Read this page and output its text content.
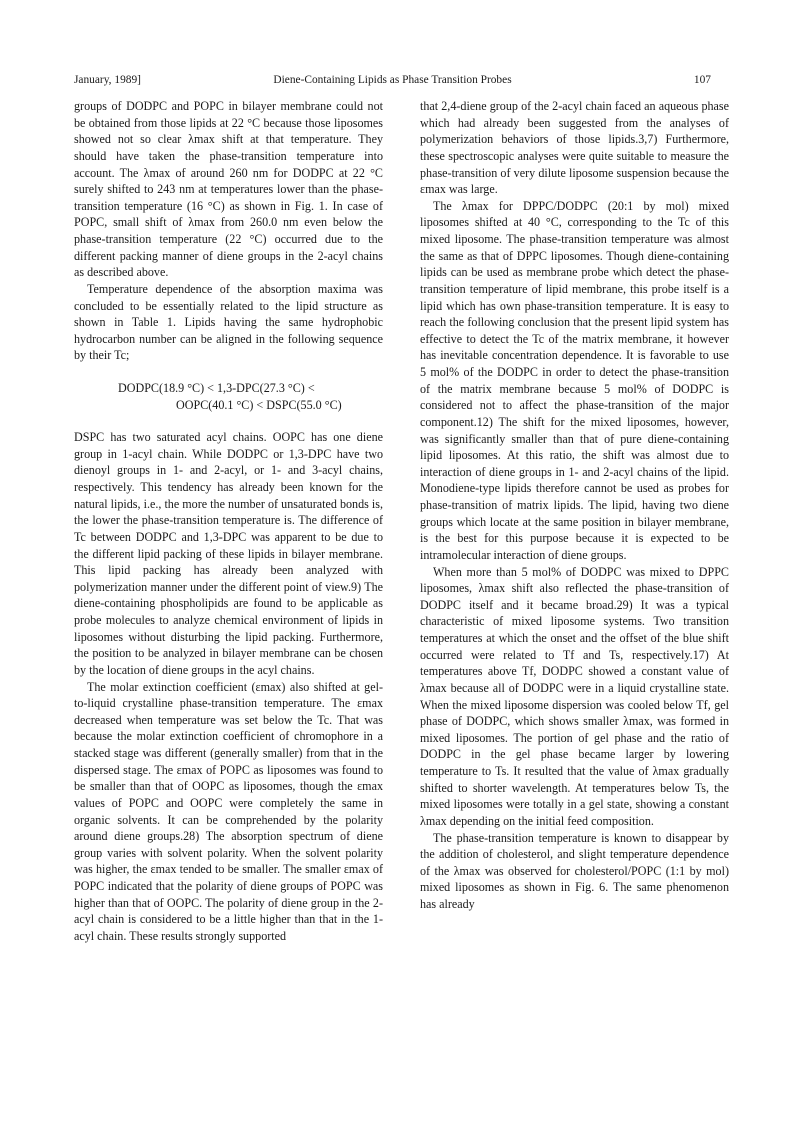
January, 1989]	Diene-Containing Lipids as Phase Transition Probes	107

groups of DODPC and POPC in bilayer membrane could not be obtained from those lipids at 22 °C because those liposomes showed not so clear λmax shift at that temperature. They should have taken the phase-transition temperature into account. The λmax of around 260 nm for DODPC at 22 °C surely shifted to 243 nm at temperatures lower than the phase-transition temperature (16 °C) as shown in Fig. 1. In case of POPC, small shift of λmax from 260.0 nm even below the phase-transition temperature (22 °C) occurred due to the different packing manner of diene groups in the 2-acyl chains as described above.

Temperature dependence of the absorption maxima was concluded to be essentially related to the lipid structure as shown in Table 1. Lipids having the same hydrophobic hydrocarbon number can be aligned in the following sequence by their Tc;

DODPC(18.9 °C) < 1,3-DPC(27.3 °C) <
OOPC(40.1 °C) < DSPC(55.0 °C)

DSPC has two saturated acyl chains. OOPC has one diene group in 1-acyl chain. While DODPC or 1,3-DPC have two dienoyl groups in 1- and 2-acyl, or 1- and 3-acyl chains, respectively. This tendency has already been known for the natural lipids, i.e., the more the number of unsaturated bonds is, the lower the phase-transition temperature is. The difference of Tc between DODPC and 1,3-DPC was apparent to be due to the different lipid packing of these lipids in bilayer membrane. This lipid packing has already been analyzed with polymerization manner under the different point of view.9) The diene-containing phospholipids are found to be applicable as probe molecules to analyze chemical environment of lipids in liposomes without disturbing the lipid packing. Furthermore, the position to be analyzed in bilayer membrane can be chosen by the location of diene groups in the acyl chains.

The molar extinction coefficient (εmax) also shifted at gel-to-liquid crystalline phase-transition temperature. The εmax decreased when temperature was set below the Tc. That was because the molar extinction coefficient of chromophore in a stacked stage was different (generally smaller) from that in the dispersed stage. The εmax of POPC as liposomes was found to be smaller than that of OOPC as liposomes, though the εmax values of POPC and OOPC were completely the same in organic solvents. It can be comprehended by the polarity around diene groups.28) The absorption spectrum of diene group varies with solvent polarity. When the solvent polarity was higher, the εmax tended to be smaller. The smaller εmax of POPC indicated that the polarity of diene groups of POPC was higher than that of OOPC. The polarity of diene group in the 2-acyl chain is considered to be a little higher than that in the 1-acyl chain. These results strongly supported

that 2,4-diene group of the 2-acyl chain faced an aqueous phase which had already been suggested from the analyses of polymerization behaviors of those lipids.3,7) Furthermore, these spectroscopic analyses were quite suitable to measure the phase-transition of very dilute liposome suspension because the εmax was large.

The λmax for DPPC/DODPC (20:1 by mol) mixed liposomes shifted at 40 °C, corresponding to the Tc of this mixed liposome. The phase-transition temperature was almost the same as that of DPPC liposomes. Though diene-containing lipids can be used as membrane probe which detect the phase-transition temperature of lipid membrane, this probe itself is a lipid which has own phase-transition temperature. It is easy to reach the following conclusion that the present lipid system has effective to detect the Tc of the matrix membrane, it however has inevitable concentration dependence. It is favorable to use 5 mol% of the DODPC in order to detect the phase-transition of the matrix membrane because 5 mol% of DODPC is considered not to affect the phase-transition of the major component.12) The shift for the mixed liposomes, however, was significantly smaller than that of pure diene-containing lipid liposomes. At this ratio, the shift was almost due to interaction of diene groups in 1- and 2-acyl chains of the lipid. Monodiene-type lipids therefore cannot be used as probes for phase-transition of matrix lipids. The lipid, having two diene groups which locate at the same position in bilayer membrane, is the best for this purpose because it is expected to be intramolecular interaction of diene groups.

When more than 5 mol% of DODPC was mixed to DPPC liposomes, λmax shift also reflected the phase-transition of DODPC itself and it became broad.29) It was a typical characteristic of mixed liposome systems. Two transition temperatures at which the onset and the offset of the blue shift occurred were related to Tf and Ts, respectively.17) At temperatures above Tf, DODPC showed a constant value of λmax because all of DODPC were in a liquid crystalline state. When the mixed liposome dispersion was cooled below Tf, gel phase of DODPC, which shows smaller λmax, was formed in mixed liposomes. The portion of gel phase and the ratio of DODPC in the gel phase became larger by lowering temperature to Ts. It resulted that the value of λmax gradually shifted to shorter wavelength. At temperatures below Ts, the mixed liposomes were totally in a gel state, showing a constant λmax depending on the initial feed composition.

The phase-transition temperature is known to disappear by the addition of cholesterol, and slight temperature dependence of the λmax was observed for cholesterol/POPC (1:1 by mol) mixed liposomes as shown in Fig. 6. The same phenomenon has already
